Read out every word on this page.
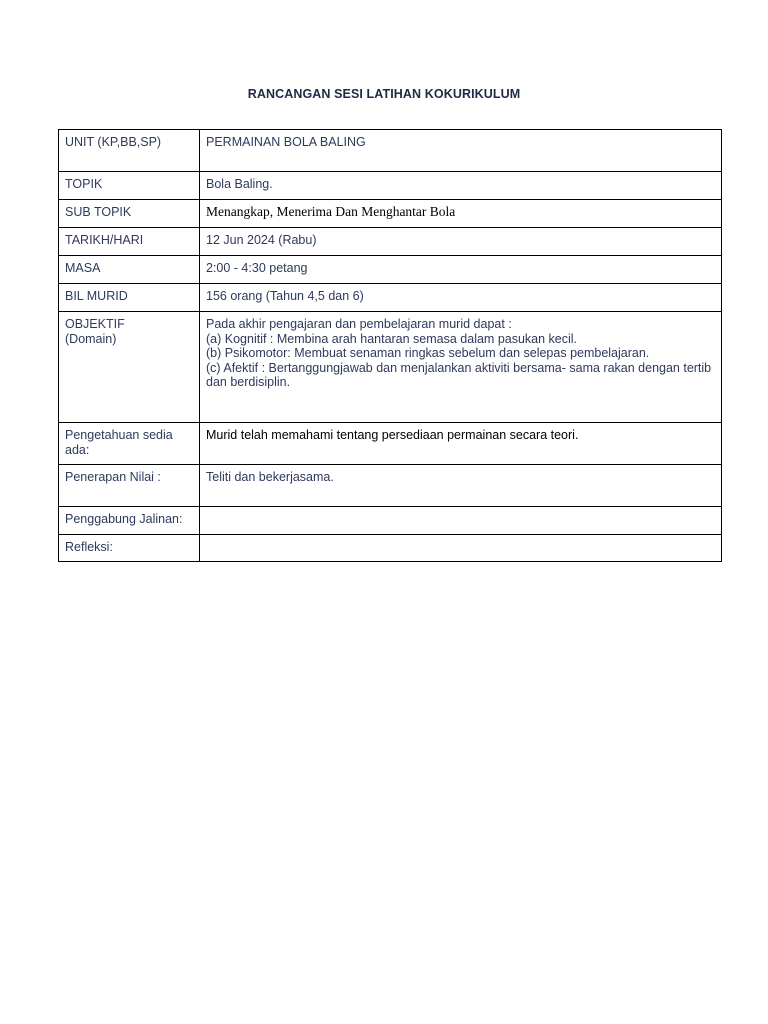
RANCANGAN SESI LATIHAN KOKURIKULUM
UNIT (KP,BB,SP)	PERMAINAN BOLA BALING
TOPIK	Bola Baling.
SUB TOPIK	Menangkap, Menerima Dan Menghantar Bola
TARIKH/HARI	12 Jun 2024 (Rabu)
MASA	2:00 - 4:30 petang
BIL MURID	156 orang (Tahun 4,5 dan 6)

OBJEKTIF
(Domain)	Pada akhir pengajaran dan pembelajaran murid dapat :
(a) Kognitif : Membina arah hantaran semasa dalam pasukan kecil.
(b) Psikomotor: Membuat senaman ringkas sebelum dan selepas pembelajaran.
(c) Afektif : Bertanggungjawab dan menjalankan aktiviti bersama- sama rakan dengan tertib dan berdisiplin.

Pengetahuan sedia ada:	Murid telah memahami tentang persediaan permainan secara teori.
Penerapan Nilai :	Teliti dan bekerjasama.
Penggabung Jalinan:	
Refleksi:	
